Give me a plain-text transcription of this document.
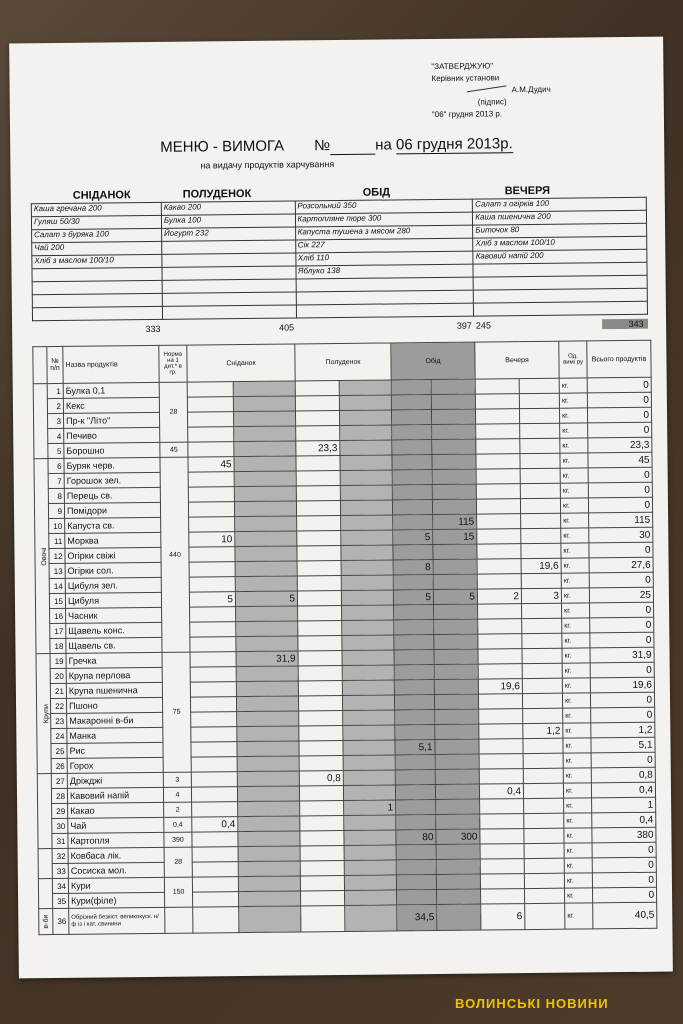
"ЗАТВЕРДЖУЮ"
Керівник установи
А.М.Дудич
(підпис)
"06" грудня 2013 р.
МЕНЮ - ВИМОГА №	на 06 грудня 2013р.
на видачу продуктів харчування
СНІДАНОК	ПОЛУДЕНОК	ОБІД	ВЕЧЕРЯ
Каша гречана 200	Какао 200	Розсольний 350	Салат з огірків 100
Гуляш 50/30	Булка 100	Картопляне пюре 300	Каша пшенична 200
Салат з буряка 100	Йогурт 232	Капуста тушена з мясом 280	Биточок 80
Чай 200		Сік 227	Хліб з маслом 100/10
Хліб з маслом 100/10		Хліб 110	Кавовий напій 200
		Яблуко 138	

333	405	397	245 343
	№ п/п	Назва продуктів	Норма на 1 дит.* в гр.	Сніданок		Полуденок		Обід		Вечеря		Од. вимі ру	Всього продуктів
	1	Булка 0,1	28									кг.	0
	2	Кекс										кг.	0
	3	Пр-к "Літо"										кг.	0
	4	Печиво										кг.	0
	5	Борошно	45			23,3						кг.	23,3
Овочі	6	Буряк черв.	440	45								кг.	45
	7	Горошок зел.										кг.	0
	8	Перець св.										кг.	0
	9	Помідори										кг.	0
	10	Капуста св.							115			кг.	115
	11	Морква		10				5	15			кг.	30
	12	Огірки свіжі										кг.	0
	13	Огірки сол.						8			19,6	кг.	27,6
	14	Цибуля зел.										кг.	0
	15	Цибуля		5	5			5	5	2	3	кг.	25
	16	Часник										кг.	0
	17	Щавель конс.										кг.	0
	18	Щавель св.										кг.	0
Крупи	19	Гречка	75		31,9							кг.	31,9
	20	Крупа перлова										кг.	0
	21	Крупа пшенична								19,6		кг.	19,6
	22	Пшоно										кг.	0
	23	Макаронні в-би										кг.	0
	24	Манка									1,2	кг.	1,2
	25	Рис						5,1				кг.	5,1
	26	Горох										кг.	0
	27	Дріжджі	3			0,8						кг.	0,8
	28	Кавовий напій	4							0,4		кг.	0,4
	29	Какао	2				1					кг.	1
	30	Чай	0,4	0,4								кг.	0,4
	31	Картопля	390					80	300			кг.	380
	32	Ковбаса лік.	28									кг.	0
	33	Сосиска мол.										кг.	0
	34	Кури	150									кг.	0
	35	Кури(філе)										кг.	0
в-би	36	Обрізний безкіст. великокуск. н/ф із і кат..свинини						34,5		6		кг.	40,5
ВОЛИНСЬКІ НОВИНИ
